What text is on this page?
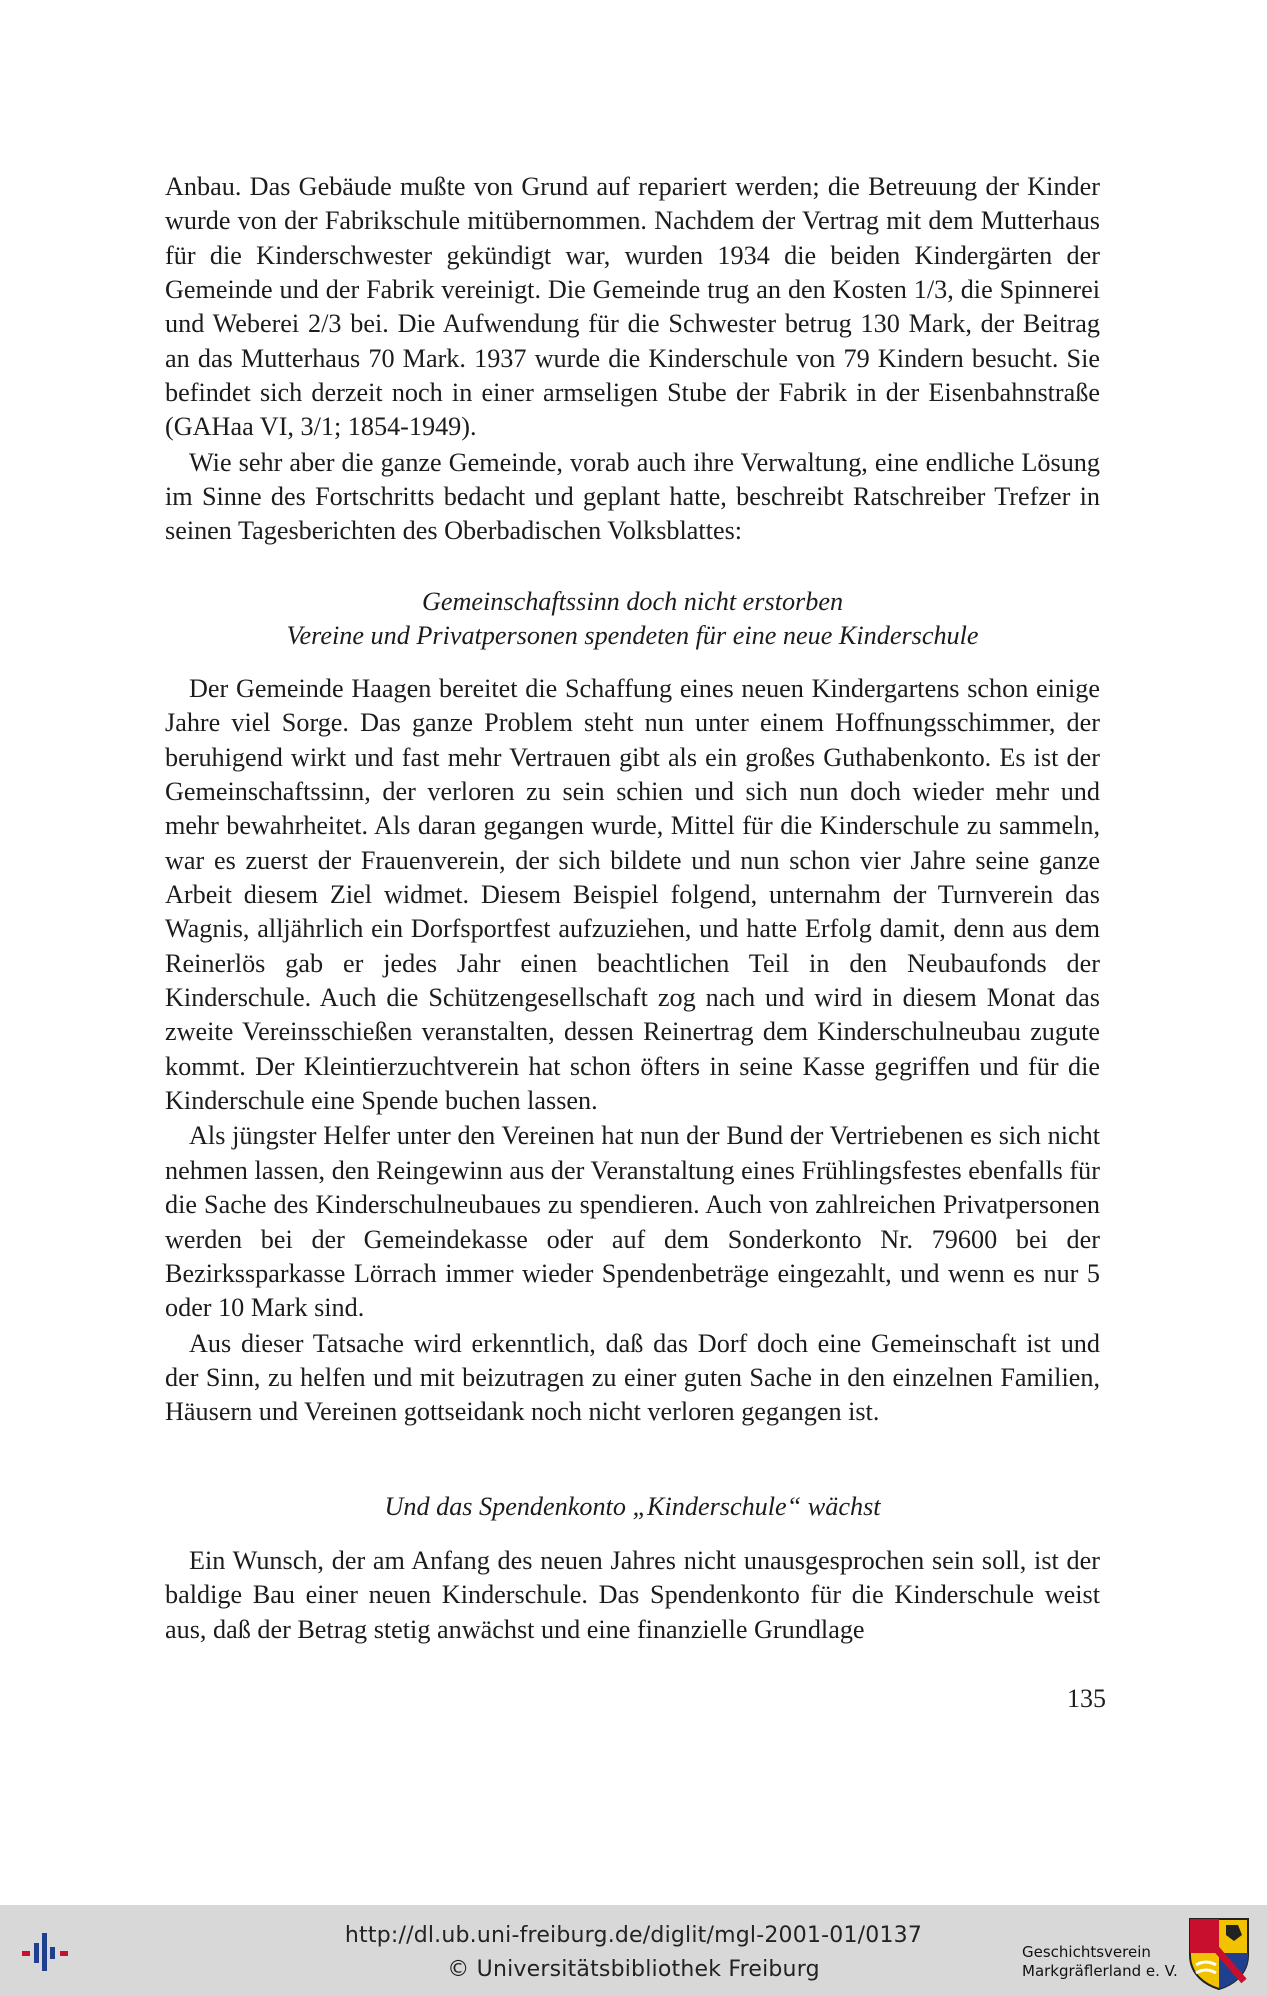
Anbau. Das Gebäude mußte von Grund auf repariert werden; die Betreuung der Kinder wurde von der Fabrikschule mitübernommen. Nachdem der Vertrag mit dem Mutterhaus für die Kinderschwester gekündigt war, wurden 1934 die beiden Kindergärten der Gemeinde und der Fabrik vereinigt. Die Gemeinde trug an den Kosten 1/3, die Spinnerei und Weberei 2/3 bei. Die Aufwendung für die Schwester betrug 130 Mark, der Beitrag an das Mutterhaus 70 Mark. 1937 wurde die Kinderschule von 79 Kindern besucht. Sie befindet sich derzeit noch in einer armseligen Stube der Fabrik in der Eisenbahnstraße (GAHaa VI, 3/1; 1854-1949).

Wie sehr aber die ganze Gemeinde, vorab auch ihre Verwaltung, eine endliche Lösung im Sinne des Fortschritts bedacht und geplant hatte, beschreibt Ratschreiber Trefzer in seinen Tagesberichten des Oberbadischen Volksblattes:

Gemeinschaftssinn doch nicht erstorben
Vereine und Privatpersonen spendeten für eine neue Kinderschule

Der Gemeinde Haagen bereitet die Schaffung eines neuen Kindergartens schon einige Jahre viel Sorge. Das ganze Problem steht nun unter einem Hoffnungsschimmer, der beruhigend wirkt und fast mehr Vertrauen gibt als ein großes Guthabenkonto. Es ist der Gemeinschaftssinn, der verloren zu sein schien und sich nun doch wieder mehr und mehr bewahrheitet. Als daran gegangen wurde, Mittel für die Kinderschule zu sammeln, war es zuerst der Frauenverein, der sich bildete und nun schon vier Jahre seine ganze Arbeit diesem Ziel widmet. Diesem Beispiel folgend, unternahm der Turnverein das Wagnis, alljährlich ein Dorfsportfest aufzuziehen, und hatte Erfolg damit, denn aus dem Reinerlös gab er jedes Jahr einen beachtlichen Teil in den Neubaufonds der Kinderschule. Auch die Schützengesellschaft zog nach und wird in diesem Monat das zweite Vereinsschießen veranstalten, dessen Reinertrag dem Kinderschulneubau zugute kommt. Der Kleintierzuchtverein hat schon öfters in seine Kasse gegriffen und für die Kinderschule eine Spende buchen lassen.

Als jüngster Helfer unter den Vereinen hat nun der Bund der Vertriebenen es sich nicht nehmen lassen, den Reingewinn aus der Veranstaltung eines Frühlingsfestes ebenfalls für die Sache des Kinderschulneubaues zu spendieren. Auch von zahlreichen Privatpersonen werden bei der Gemeindekasse oder auf dem Sonderkonto Nr. 79600 bei der Bezirkssparkasse Lörrach immer wieder Spendenbeträge eingezahlt, und wenn es nur 5 oder 10 Mark sind.

Aus dieser Tatsache wird erkenntlich, daß das Dorf doch eine Gemeinschaft ist und der Sinn, zu helfen und mit beizutragen zu einer guten Sache in den einzelnen Familien, Häusern und Vereinen gottseidank noch nicht verloren gegangen ist.

Und das Spendenkonto „Kinderschule“ wächst

Ein Wunsch, der am Anfang des neuen Jahres nicht unausgesprochen sein soll, ist der baldige Bau einer neuen Kinderschule. Das Spendenkonto für die Kinderschule weist aus, daß der Betrag stetig anwächst und eine finanzielle Grundlage

135
http://dl.ub.uni-freiburg.de/diglit/mgl-2001-01/0137
© Universitätsbibliothek Freiburg
Geschichtsverein
Markgräflerland e. V.
